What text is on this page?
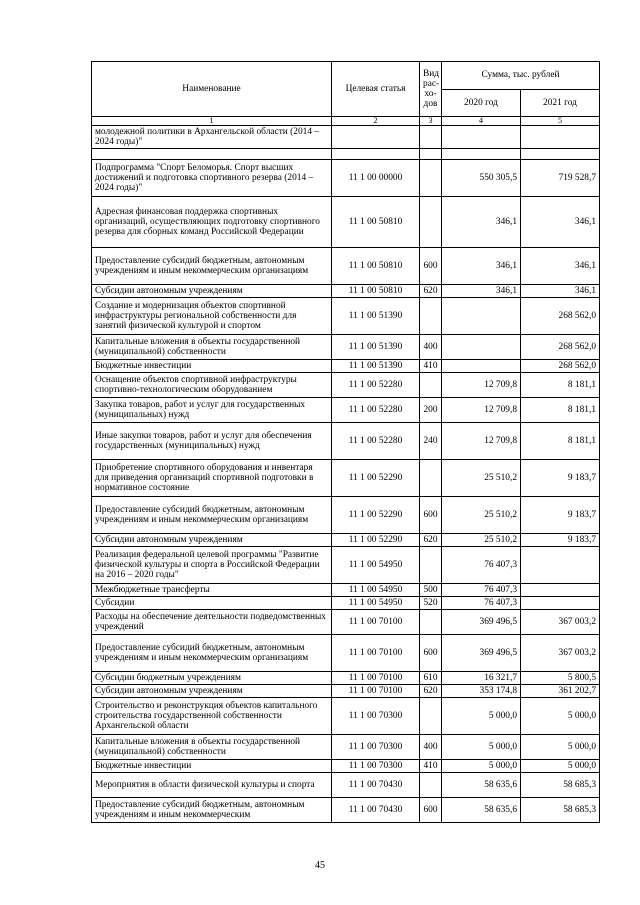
Наименование	Целевая статья	Вид рас-хо-дов	Сумма, тыс. рублей	
			2020 год	2021 год
1	2	3	4	5
молодежной политики в Архангельской области (2014 – 2024 годы)"				

Подпрограмма "Спорт Беломорья. Спорт высших достижений и подготовка спортивного резерва (2014 – 2024 годы)"	11 1 00 00000		550 305,5	719 528,7
Адресная финансовая поддержка спортивных организаций, осуществляющих подготовку спортивного резерва для сборных команд Российской Федерации	11 1 00 50810		346,1	346,1
Предоставление субсидий бюджетным, автономным учреждениям и иным некоммерческим организациям	11 1 00 50810	600	346,1	346,1
Субсидии автономным учреждениям	11 1 00 50810	620	346,1	346,1
Создание и модернизация объектов спортивной инфраструктуры региональной собственности для занятий физической культурой и спортом	11 1 00 51390			268 562,0
Капитальные вложения в объекты государственной (муниципальной) собственности	11 1 00 51390	400		268 562,0
Бюджетные инвестиции	11 1 00 51390	410		268 562,0
Оснащение объектов спортивной инфраструктуры спортивно-технологическим оборудованием	11 1 00 52280		12 709,8	8 181,1
Закупка товаров, работ и услуг для государственных (муниципальных) нужд	11 1 00 52280	200	12 709,8	8 181,1
Иные закупки товаров, работ и услуг для обеспечения государственных (муниципальных) нужд	11 1 00 52280	240	12 709,8	8 181,1
Приобретение спортивного оборудования и инвентаря для приведения организаций спортивной подготовки в нормативное состояние	11 1 00 52290		25 510,2	9 183,7
Предоставление субсидий бюджетным, автономным учреждениям и иным некоммерческим организациям	11 1 00 52290	600	25 510,2	9 183,7
Субсидии автономным учреждениям	11 1 00 52290	620	25 510,2	9 183,7
Реализация федеральной целевой программы "Развитие физической культуры и спорта в Российской Федерации на 2016 – 2020 годы"	11 1 00 54950		76 407,3	
Межбюджетные трансферты	11 1 00 54950	500	76 407,3	
Субсидии	11 1 00 54950	520	76 407,3	
Расходы на обеспечение деятельности подведомственных учреждений	11 1 00 70100		369 496,5	367 003,2
Предоставление субсидий бюджетным, автономным учреждениям и иным некоммерческим организациям	11 1 00 70100	600	369 496,5	367 003,2
Субсидии бюджетным учреждениям	11 1 00 70100	610	16 321,7	5 800,5
Субсидии автономным учреждениям	11 1 00 70100	620	353 174,8	361 202,7
Строительство и реконструкция объектов капитального строительства государственной собственности Архангельской области	11 1 00 70300		5 000,0	5 000,0
Капитальные вложения в объекты государственной (муниципальной) собственности	11 1 00 70300	400	5 000,0	5 000,0
Бюджетные инвестиции	11 1 00 70300	410	5 000,0	5 000,0
Мероприятия в области физической культуры и спорта	11 1 00 70430		58 635,6	58 685,3
Предоставление субсидий бюджетным, автономным учреждениям и иным некоммерческим	11 1 00 70430	600	58 635,6	58 685,3
45
